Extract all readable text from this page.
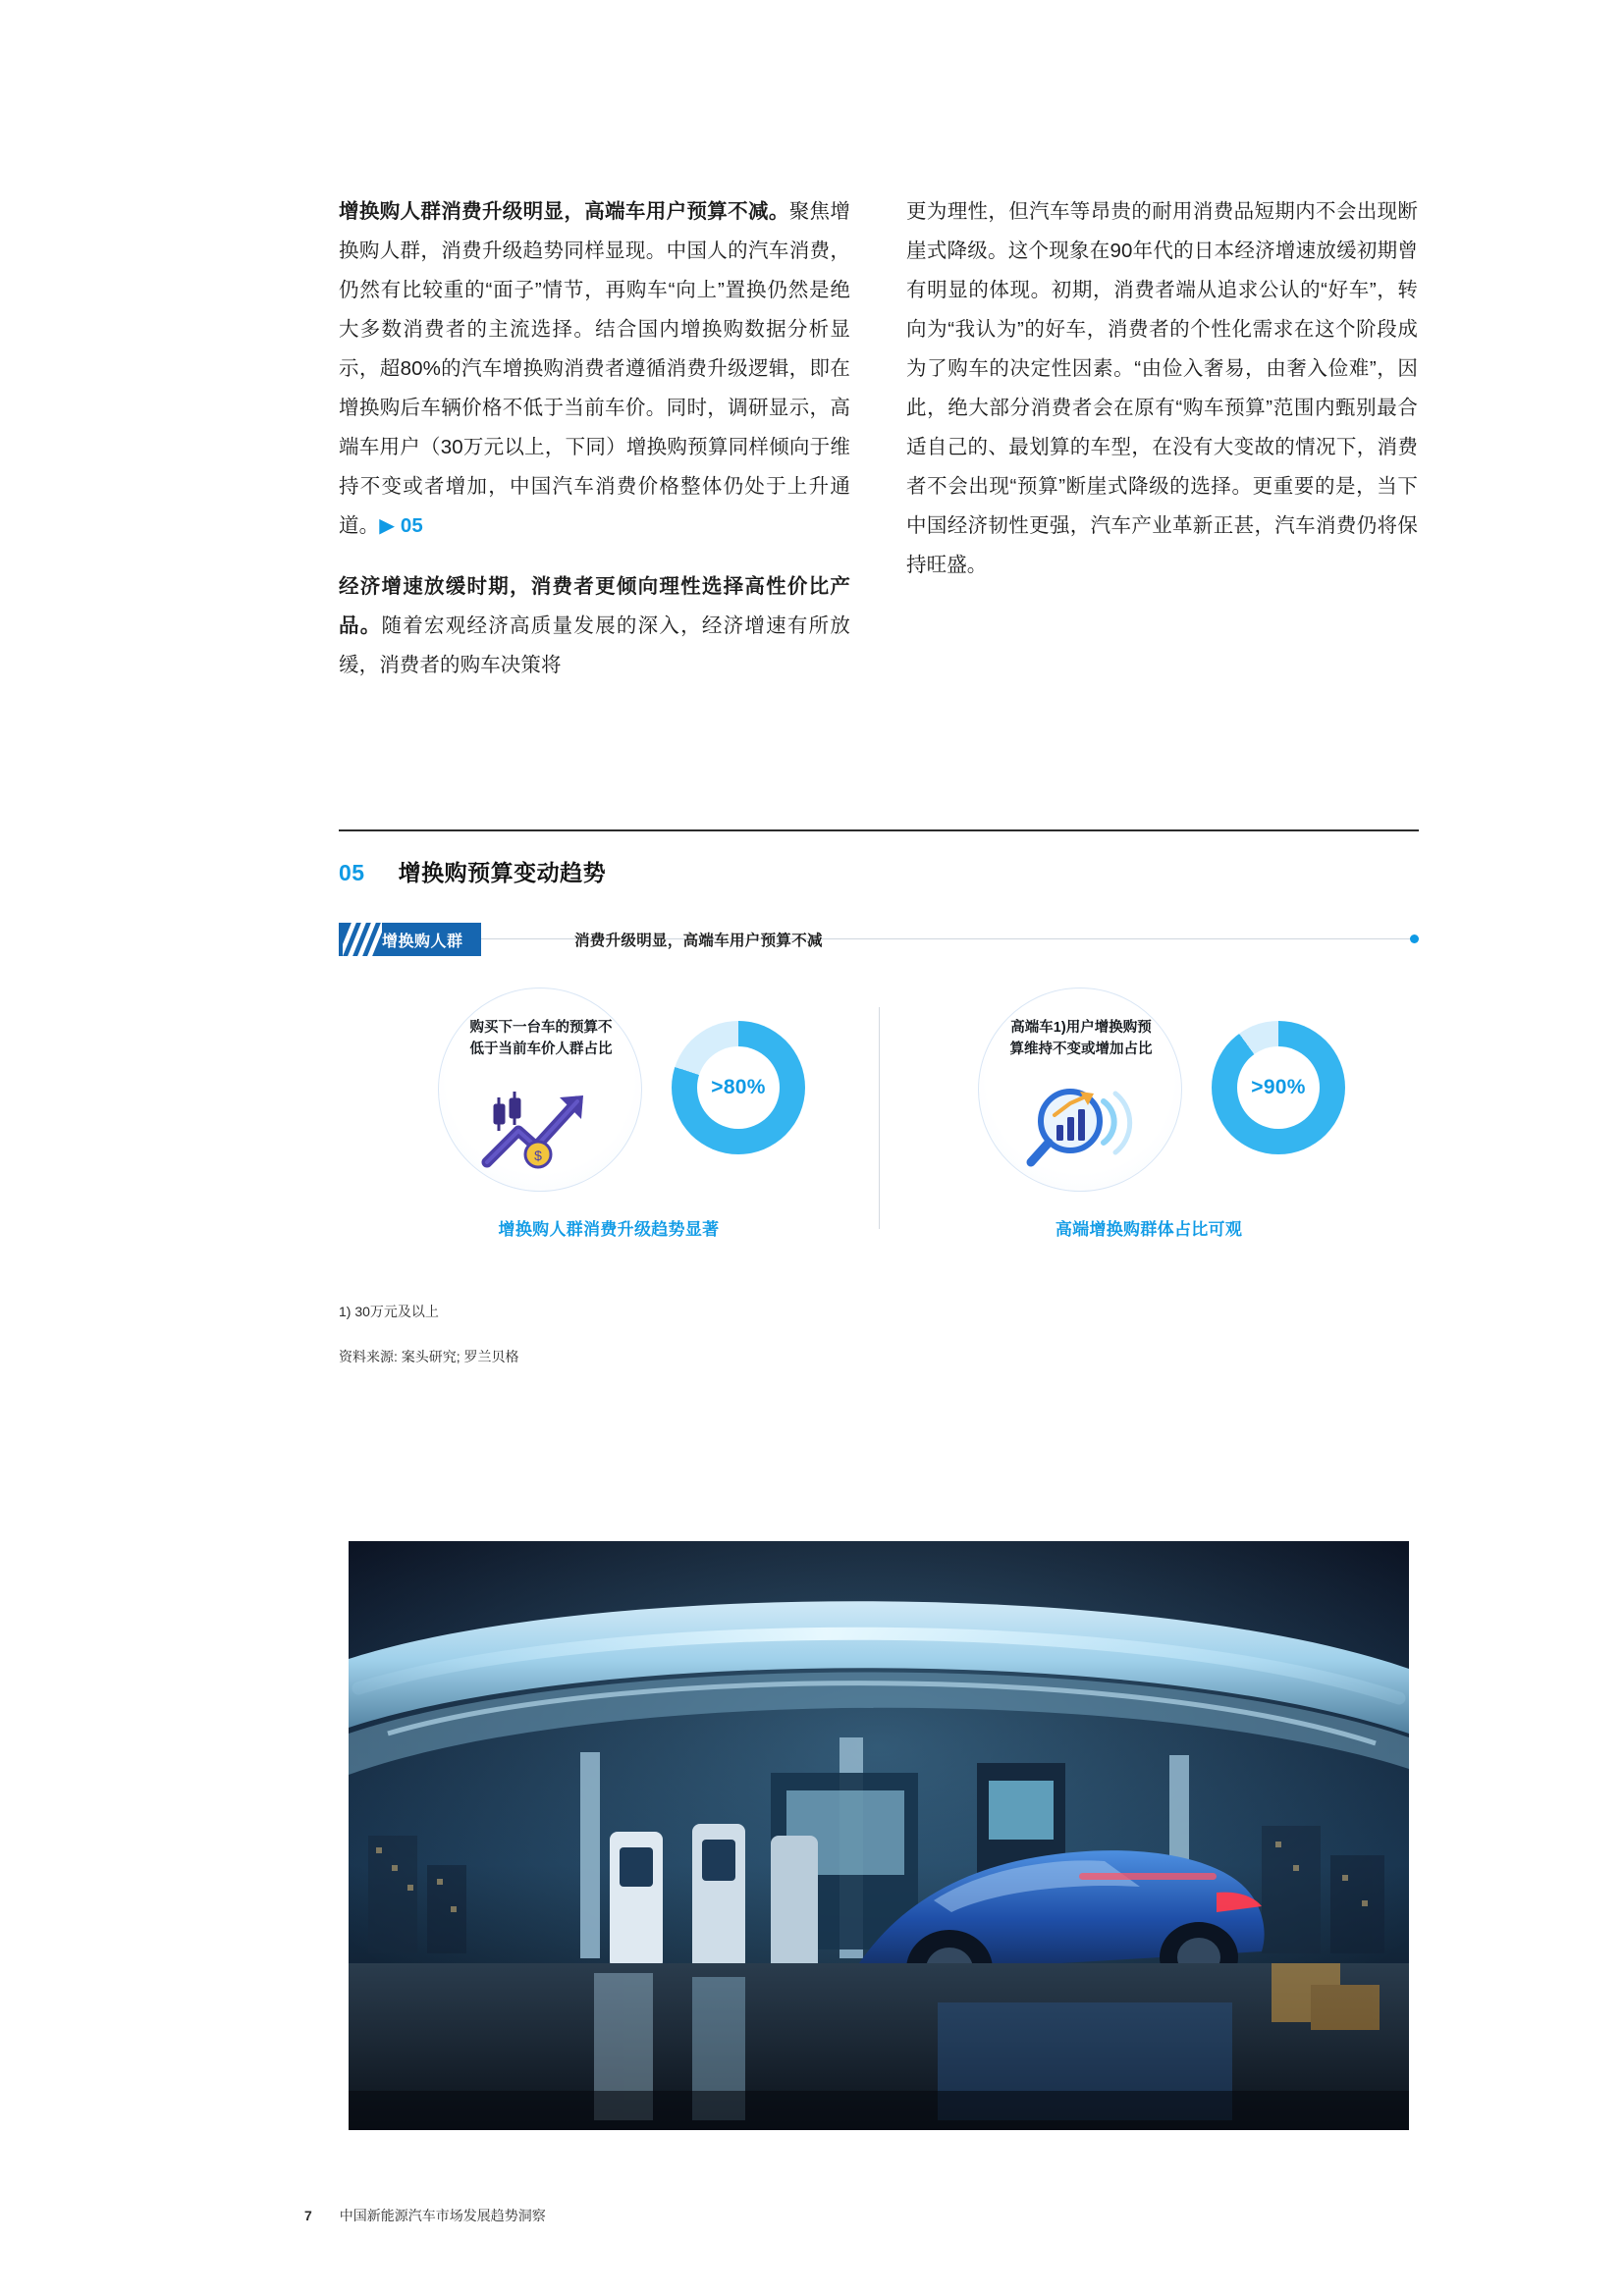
增换购人群消费升级明显，高端车用户预算不减。聚焦增换购人群，消费升级趋势同样显现。中国人的汽车消费，仍然有比较重的“面子”情节，再购车“向上”置换仍然是绝大多数消费者的主流选择。结合国内增换购数据分析显示，超80%的汽车增换购消费者遵循消费升级逻辑，即在增换购后车辆价格不低于当前车价。同时，调研显示，高端车用户（30万元以上，下同）增换购预算同样倾向于维持不变或者增加，中国汽车消费价格整体仍处于上升通道。▶ 05

经济增速放缓时期，消费者更倾向理性选择高性价比产品。随着宏观经济高质量发展的深入，经济增速有所放缓，消费者的购车决策将

更为理性，但汽车等昂贵的耐用消费品短期内不会出现断崖式降级。这个现象在90年代的日本经济增速放缓初期曾有明显的体现。初期，消费者端从追求公认的“好车”，转向为“我认为”的好车，消费者的个性化需求在这个阶段成为了购车的决定性因素。“由俭入奢易，由奢入俭难”，因此，绝大部分消费者会在原有“购车预算”范围内甄别最合适自己的、最划算的车型，在没有大变故的情况下，消费者不会出现“预算”断崖式降级的选择。更重要的是，当下中国经济韧性更强，汽车产业革新正甚，汽车消费仍将保持旺盛。

05 增换购预算变动趋势
增换购人群	消费升级明显，高端车用户预算不减
购买下一台车的预算不低于当前车价人群占比
$
>80%
增换购人群消费升级趋势显著
高端车1)用户增换购预算维持不变或增加占比
>90%
高端增换购群体占比可观
1) 30万元及以上
资料来源: 案头研究; 罗兰贝格
7 中国新能源汽车市场发展趋势洞察
